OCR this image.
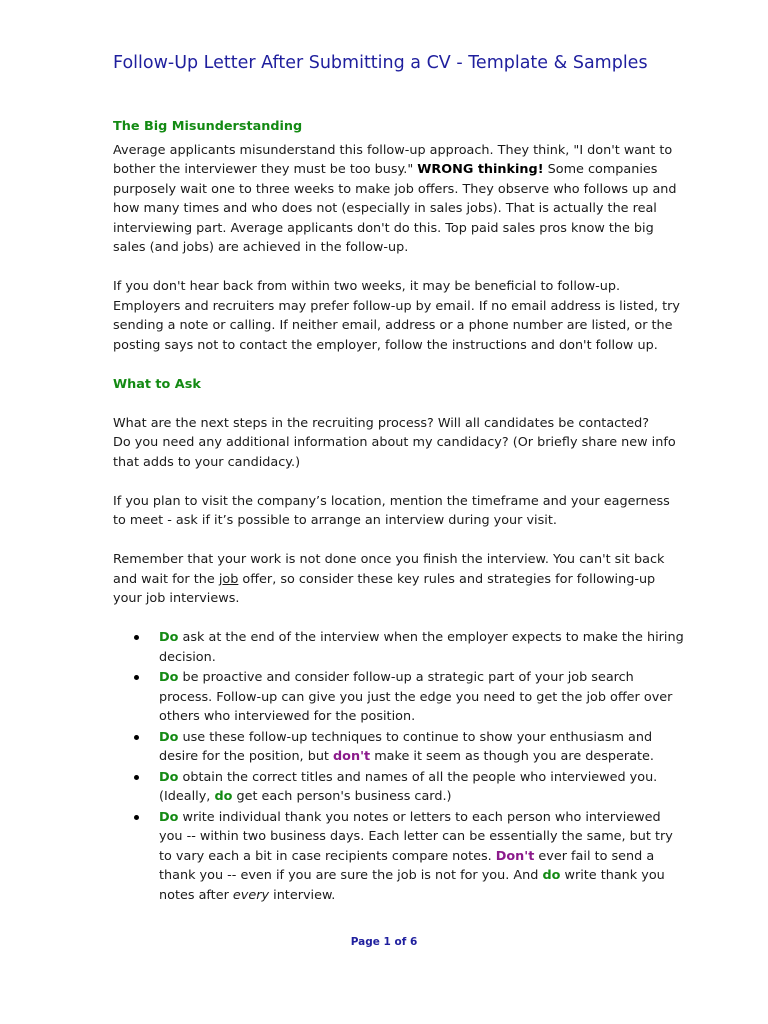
Follow-Up Letter After Submitting a CV - Template & Samples
The Big Misunderstanding

Average applicants misunderstand this follow-up approach. They think, "I don't want to
bother the interviewer they must be too busy." WRONG thinking! Some companies
purposely wait one to three weeks to make job offers. They observe who follows up and
how many times and who does not (especially in sales jobs). That is actually the real
interviewing part. Average applicants don't do this. Top paid sales pros know the big
sales (and jobs) are achieved in the follow-up.

If you don't hear back from within two weeks, it may be beneficial to follow-up.
Employers and recruiters may prefer follow-up by email. If no email address is listed, try
sending a note or calling. If neither email, address or a phone number are listed, or the
posting says not to contact the employer, follow the instructions and don't follow up.

What to Ask

What are the next steps in the recruiting process? Will all candidates be contacted?
Do you need any additional information about my candidacy? (Or briefly share new info
that adds to your candidacy.)

If you plan to visit the company’s location, mention the timeframe and your eagerness
to meet - ask if it’s possible to arrange an interview during your visit.

Remember that your work is not done once you finish the interview. You can't sit back
and wait for the job offer, so consider these key rules and strategies for following-up
your job interviews.

Do ask at the end of the interview when the employer expects to make the hiring
decision.
Do be proactive and consider follow-up a strategic part of your job search
process. Follow-up can give you just the edge you need to get the job offer over
others who interviewed for the position.
Do use these follow-up techniques to continue to show your enthusiasm and
desire for the position, but don't make it seem as though you are desperate.
Do obtain the correct titles and names of all the people who interviewed you.
(Ideally, do get each person's business card.)
Do write individual thank you notes or letters to each person who interviewed
you -- within two business days. Each letter can be essentially the same, but try
to vary each a bit in case recipients compare notes. Don't ever fail to send a
thank you -- even if you are sure the job is not for you. And do write thank you
notes after every interview.
Page 1 of 6
